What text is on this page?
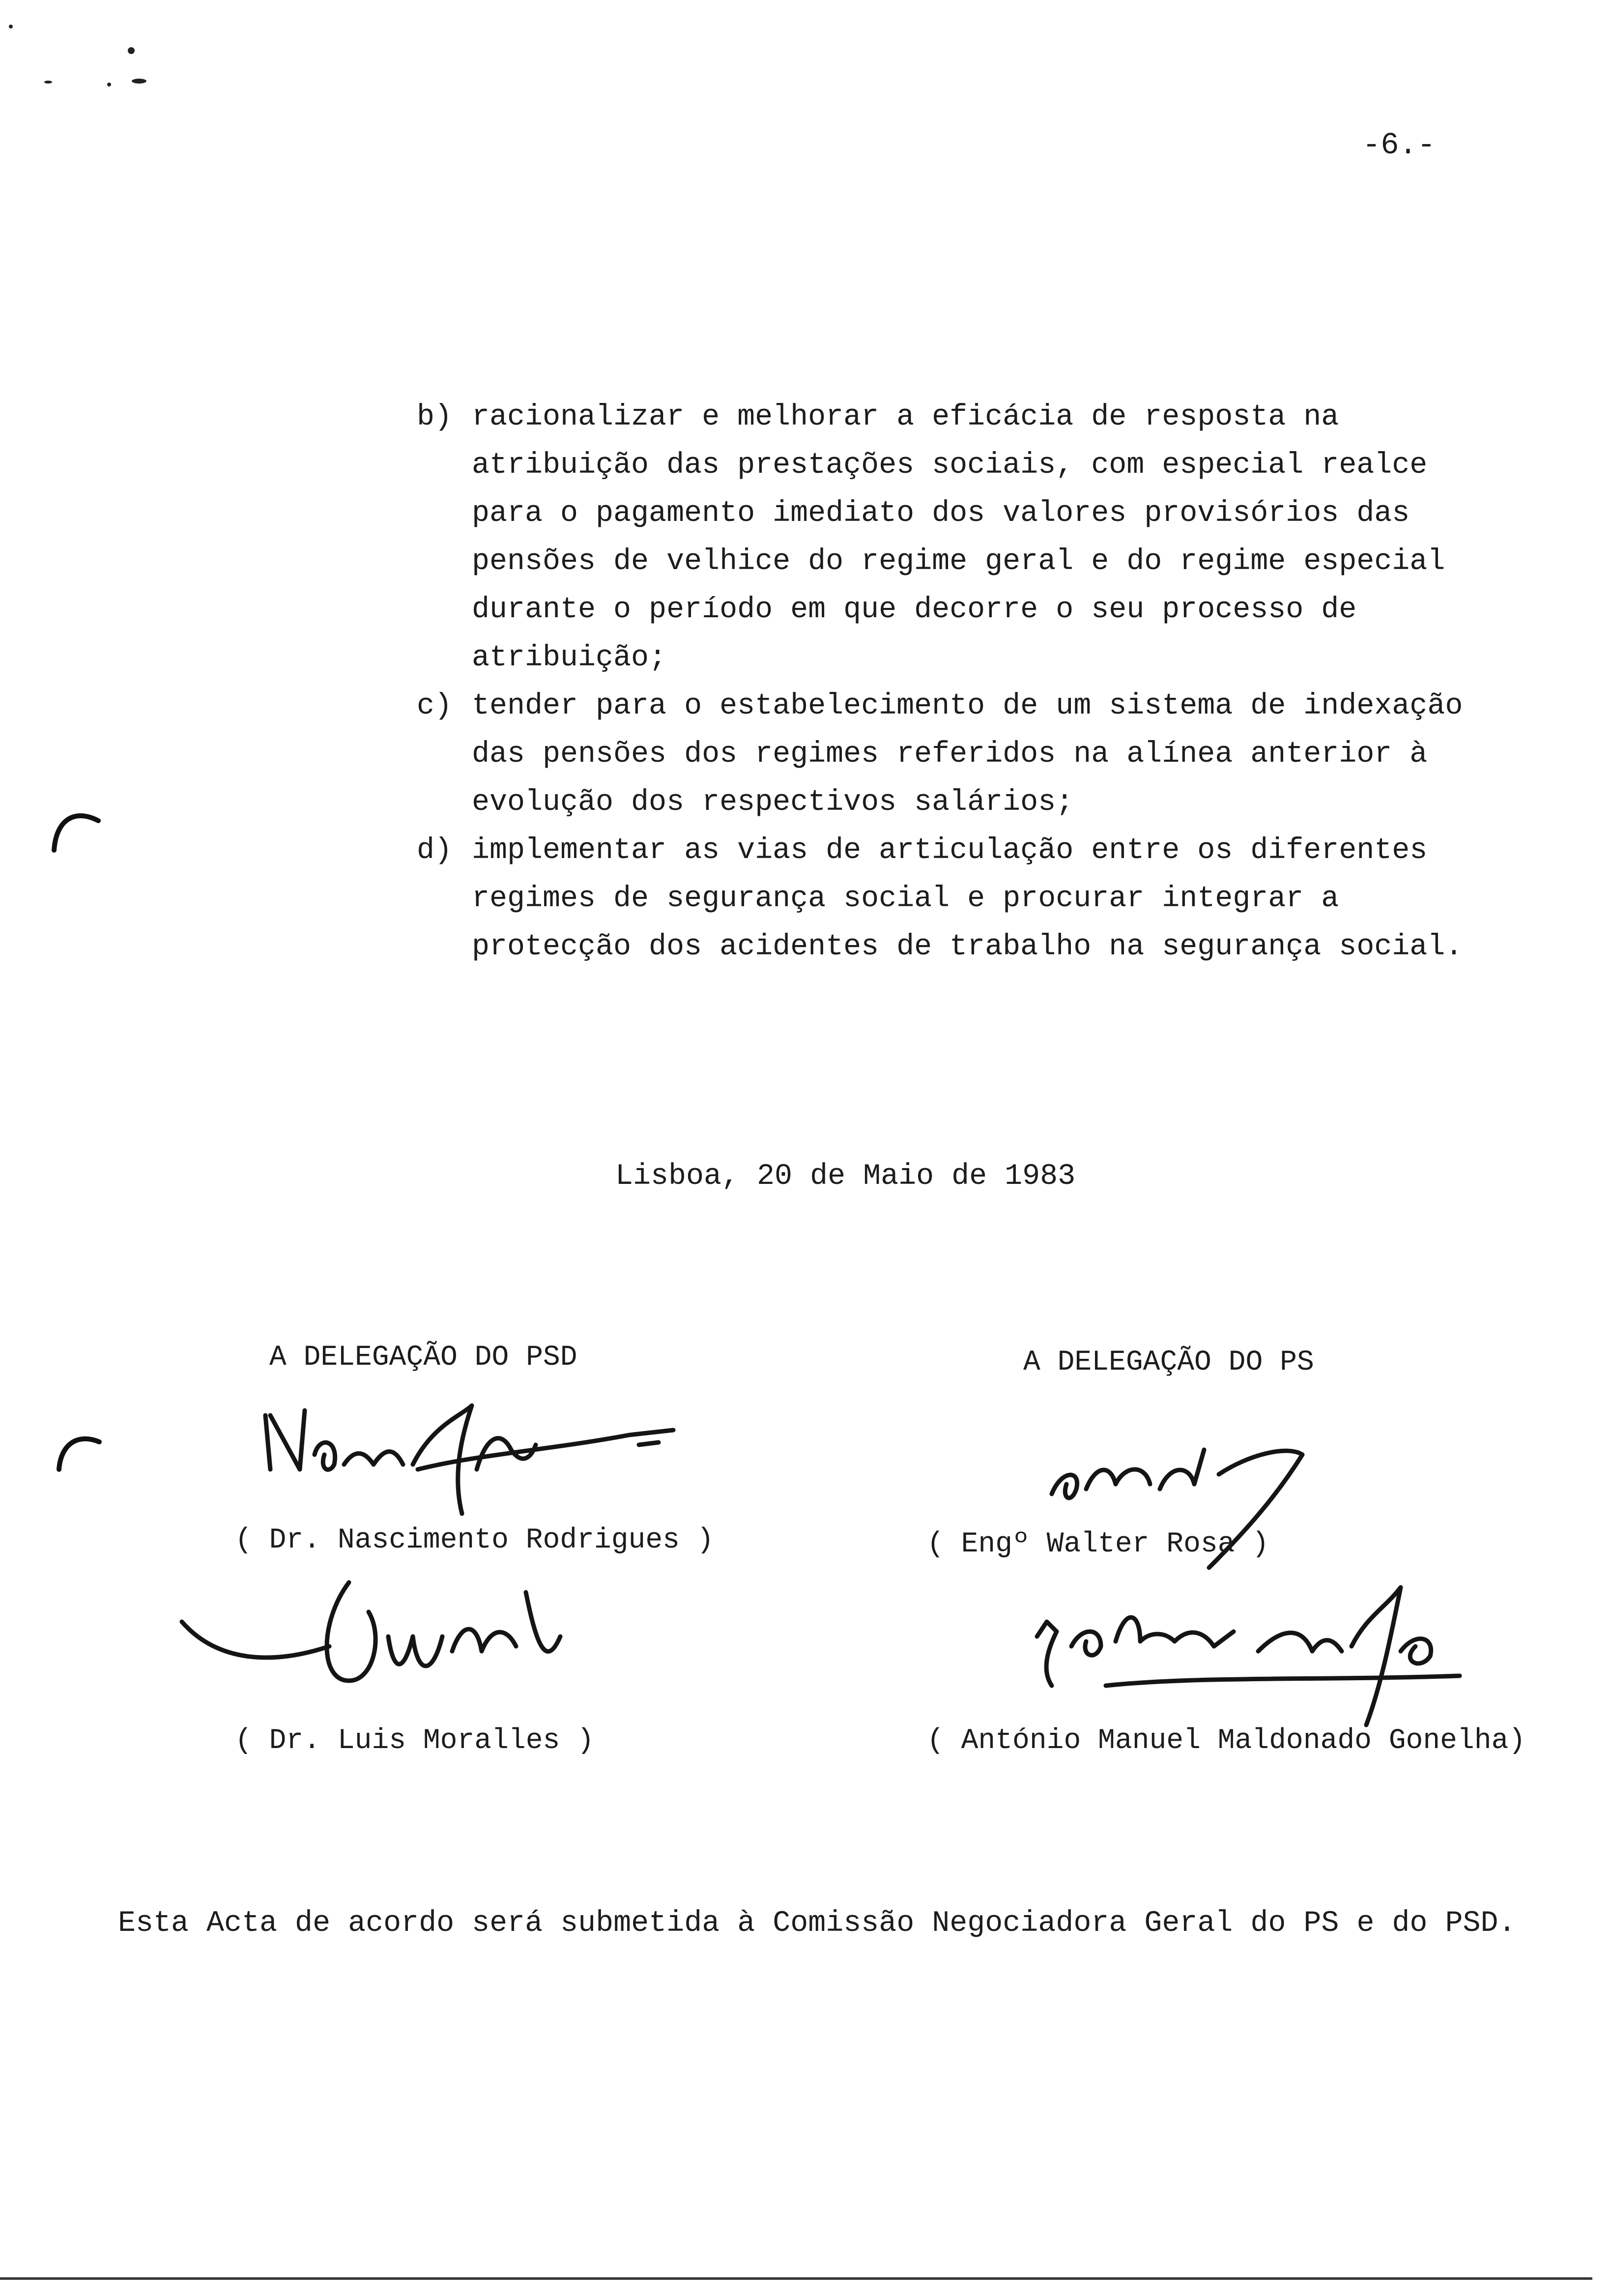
-6.-
b) racionalizar e melhorar a eficácia de resposta na atribuição das prestações sociais, com especial realce para o pagamento imediato dos valores provisórios das pensões de velhice do regime geral e do regime especial durante o período em que decorre o seu processo de atribuição;
c) tender para o estabelecimento de um sistema de indexação das pensões dos regimes referidos na alínea anterior à evolução dos respectivos salários;
d) implementar as vias de articulação entre os diferentes regimes de segurança social e procurar integrar a protecção dos acidentes de trabalho na segurança social.
Lisboa, 20 de Maio de 1983
A DELEGAÇÃO DO PSD
( Dr. Nascimento Rodrigues )
( Dr. Luis Moralles )
A DELEGAÇÃO DO PS
( Engº Walter Rosa )
( António Manuel Maldonado Gonelha)
Esta Acta de acordo será submetida à Comissão Negociadora Geral do PS e do PSD.
